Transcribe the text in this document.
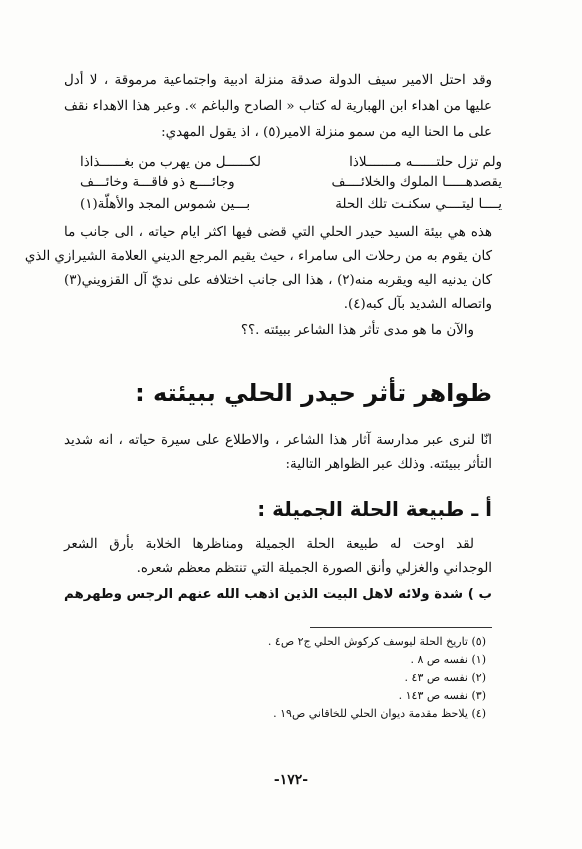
وقد احتل الامير سيف الدولة صدقة منزلة ادبية واجتماعية مرموقة ، لا أدل
عليها من اهداء ابن الهبارية له كتاب « الصادح والباغم ». وعبر هذا الاهداء نقف
على ما الحنا اليه من سمو منزلة الامير(٥) ، اذ يقول المهدي:
ولم تزل حلتــــــه مـــــــلاذا
لكــــــل من يهرب من بغــــــذاذا
يقصدهـــــا الملوك والخلائــــف
وجائــــع ذو فاقـــة وخائـــف
يــــا ليتــــي سكنـت تلك الحلة
بـــين شموس المجد والأهلّة(١)
هذه هي بيئة السيد حيدر الحلي التي قضى فيها اكثر ايام حياته ، الى جانب ما
كان يقوم به من رحلات الى سامراء ، حيث يقيم المرجع الديني العلامة الشيرازي الذي
كان يدنيه اليه ويقربه منه(٢) ، هذا الى جانب اختلافه على نديّ آل القزويني(٣)
واتصاله الشديد بآل كبه(٤).
والآن ما هو مدى تأثر هذا الشاعر ببيئته .؟؟
ظواهر تأثر حيدر الحلي ببيئته :
انّا لنرى عبر مدارسة آثار هذا الشاعر ، والاطلاع على سيرة حياته ، انه شديد
التأثر ببيئته. وذلك عبر الظواهر التالية:
أ ـ طبيعة الحلة الجميلة :
لقد اوحت له طبيعة الحلة الجميلة ومناظرها الخلابة بأرق الشعر
الوجداني والغزلي وأنق الصورة الجميلة التي تنتظم معظم شعره.
ب ) شدة ولائه لاهل البيت الذين اذهب الله عنهم الرجس وطهرهم
(٥) تاريخ الحلة ليوسف كركوش الحلي ج٢ ص٤ .
(١) نفسه ص ٨ .
(٢) نفسه ص ٤٣ .
(٣) نفسه ص ١٤٣ .
(٤) يلاحظ مقدمة ديوان الحلي للخاقاني ص١٩ .
-١٧٢-
